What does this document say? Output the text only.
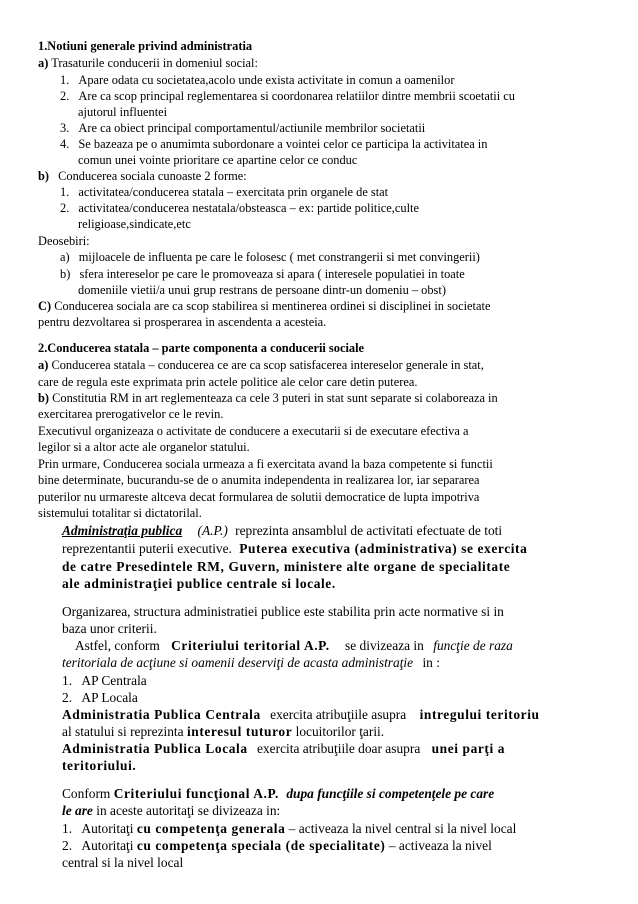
1.Notiuni generale privind administratia
a) Trasaturile conducerii in domeniul social:
1. Apare odata cu societatea,acolo unde exista activitate in comun a oamenilor
2. Are ca scop principal reglementarea si coordonarea relatiilor dintre membrii scoetatii cu
ajutorul influentei
3. Are ca obiect principal comportamentul/actiunile membrilor societatii
4. Se bazeaza pe o anumimta subordonare a vointei celor ce participa la activitatea in
comun unei vointe prioritare ce apartine celor ce conduc
b) Conducerea sociala cunoaste 2 forme:
1. activitatea/conducerea statala – exercitata prin organele de stat
2. activitatea/conducerea nestatala/obsteasca – ex: partide politice,culte
religioase,sindicate,etc
Deosebiri:
a) mijloacele de influenta pe care le folosesc ( met constrangerii si met convingerii)
b) sfera intereselor pe care le promoveaza si apara ( interesele populatiei in toate
domeniile vietii/a unui grup restrans de persoane dintr-un domeniu – obst)
C) Conducerea sociala are ca scop stabilirea si mentinerea ordinei si disciplinei in societate
pentru dezvoltarea si prosperarea in ascendenta a acesteia.
2.Conducerea statala – parte componenta a conducerii sociale
a) Conducerea statala – conducerea ce are ca scop satisfacerea intereselor generale in stat,
care de regula este exprimata prin actele politice ale celor care detin puterea.
b) Constitutia RM in art reglementeaza ca cele 3 puteri in stat sunt separate si colaboreaza in
exercitarea prerogativelor ce le revin.
Executivul organizeaza o activitate de conducere a executarii si de executare efectiva a
legilor si a altor acte ale organelor statului.
Prin urmare, Conducerea sociala urmeaza a fi exercitata avand la baza competente si functii
bine determinate, bucurandu-se de o anumita independenta in realizarea lor, iar separarea
puterilor nu urmareste altceva decat formularea de solutii democratice de lupta impotriva
sistemului totalitar si dictatorilal.
Administraţia publica (A.P.) reprezinta ansamblul de activitati efectuate de toti
reprezentantii puterii executive. Puterea executiva (administrativa) se exercita
de catre Presedintele RM, Guvern, ministere alte organe de specialitate
ale administraţiei publice centrale si locale.
Organizarea, structura administratiei publice este stabilita prin acte normative si in
baza unor criterii.
Astfel, conform Criteriului teritorial A.P. se divizeaza in funcţie de raza
teritoriala de acţiune si oamenii deserviţi de acasta administraţie in :
1. AP Centrala
2. AP Locala
Administratia Publica Centrala exercita atribuţiile asupra intregului teritoriu
al statului si reprezinta interesul tuturor locuitorilor ţarii.
Administratia Publica Locala exercita atribuţiile doar asupra unei parţi a
teritoriului.
Conform Criteriului funcţional A.P. dupa funcţiile si competenţele pe care
le are in aceste autoritaţi se divizeaza in:
1. Autoritaţi cu competenţa generala – activeaza la nivel central si la nivel local
2. Autoritaţi cu competenţa speciala (de specialitate) – activeaza la nivel
central si la nivel local
